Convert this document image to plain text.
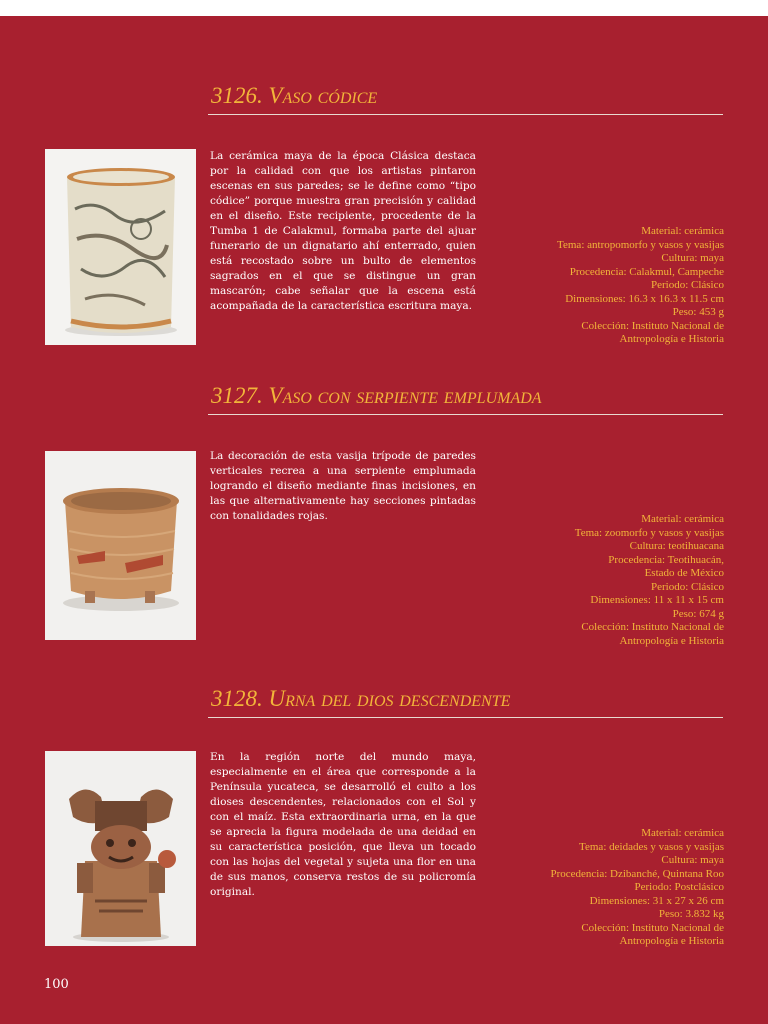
3126. Vaso códice
La cerámica maya de la época Clásica destaca por la calidad con que los artistas pintaron escenas en sus paredes; se le define como “tipo códice” porque muestra gran precisión y calidad en el diseño. Este recipiente, procedente de la Tumba 1 de Calakmul, formaba parte del ajuar funerario de un dignatario ahí enterrado, quien está recostado sobre un bulto de elementos sagrados en el que se distingue un gran mascarón; cabe señalar que la escena está acompañada de la característica escritura maya.
Material: cerámica
Tema: antropomorfo y vasos y vasijas
Cultura: maya
Procedencia: Calakmul, Campeche
Periodo: Clásico
Dimensiones: 16.3 x 16.3 x 11.5 cm
Peso: 453 g
Colección: Instituto Nacional de
Antropología e Historia
3127. Vaso con serpiente emplumada
La decoración de esta vasija trípode de paredes verticales recrea a una serpiente emplumada logrando el diseño mediante finas incisiones, en las que alternativamente hay secciones pintadas con tonalidades rojas.	Material: cerámica
Tema: zoomorfo y vasos y vasijas
Cultura: teotihuacana
Procedencia: Teotihuacán,
Estado de México
Periodo: Clásico
Dimensiones: 11 x 11 x 15 cm
Peso: 674 g
Colección: Instituto Nacional de
Antropología e Historia
3128. Urna del dios descendente
En la región norte del mundo maya, especialmente en el área que corresponde a la Península yucateca, se desarrolló el culto a los dioses descendentes, relacionados con el Sol y con el maíz. Esta extraordinaria urna, en la que se aprecia la figura modelada de una deidad en su característica posición, que lleva un tocado con las hojas del vegetal y sujeta una flor en una de sus manos, conserva restos de su policromía original.
Material: cerámica
Tema: deidades y vasos y vasijas
Cultura: maya
Procedencia: Dzibanché, Quintana Roo
Periodo: Postclásico
Dimensiones: 31 x 27 x 26 cm
Peso: 3.832 kg
Colección: Instituto Nacional de
Antropología e Historia
100
